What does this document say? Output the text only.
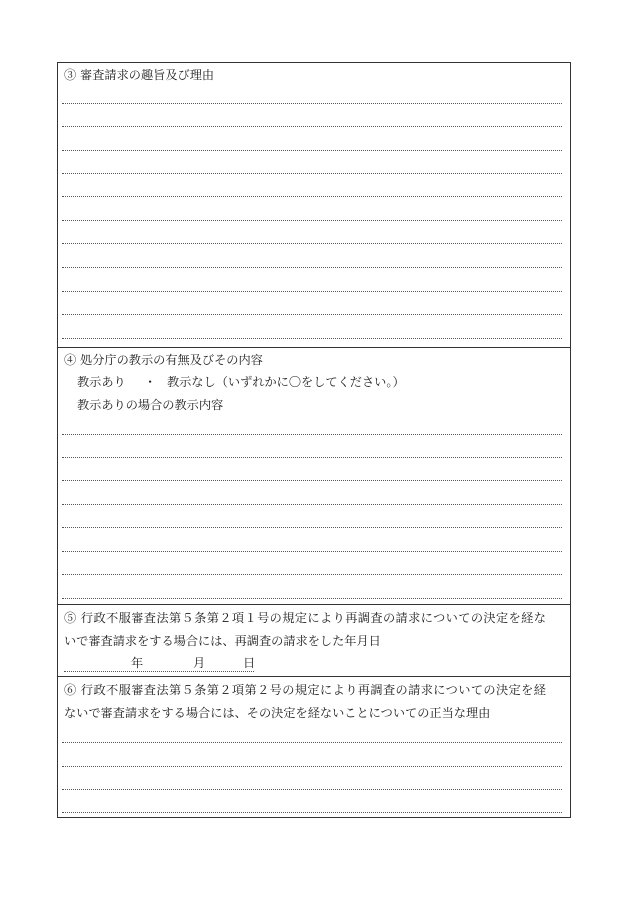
③ 審査請求の趣旨及び理由
④ 処分庁の教示の有無及びその内容
教示あり ・ 教示なし（いずれかに〇をしてください。）
教示ありの場合の教示内容
⑤ 行政不服審査法第５条第２項１号の規定により再調査の請求についての決定を経な
いで審査請求をする場合には、再調査の請求をした年月日
年	月	日
⑥ 行政不服審査法第５条第２項第２号の規定により再調査の請求についての決定を経
ないで審査請求をする場合には、その決定を経ないことについての正当な理由
